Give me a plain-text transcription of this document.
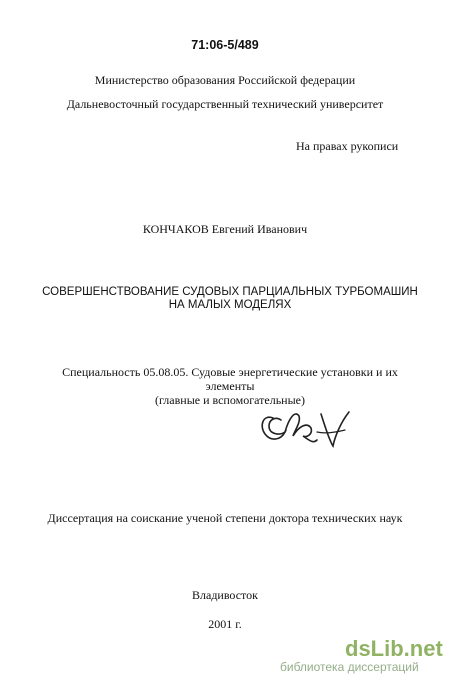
71:06-5/489
Министерство образования Российской федерации
Дальневосточный государственный технический университет
На правах рукописи
КОНЧАКОВ Евгений Иванович
СОВЕРШЕНСТВОВАНИЕ СУДОВЫХ ПАРЦИАЛЬНЫХ ТУРБОМАШИН НА МАЛЫХ МОДЕЛЯХ
Специальность 05.08.05. Судовые энергетические установки и их элементы
(главные и вспомогательные)
Диссертация на соискание ученой степени доктора технических наук
Владивосток
2001 г.
dsLib.net
библиотека диссертаций
